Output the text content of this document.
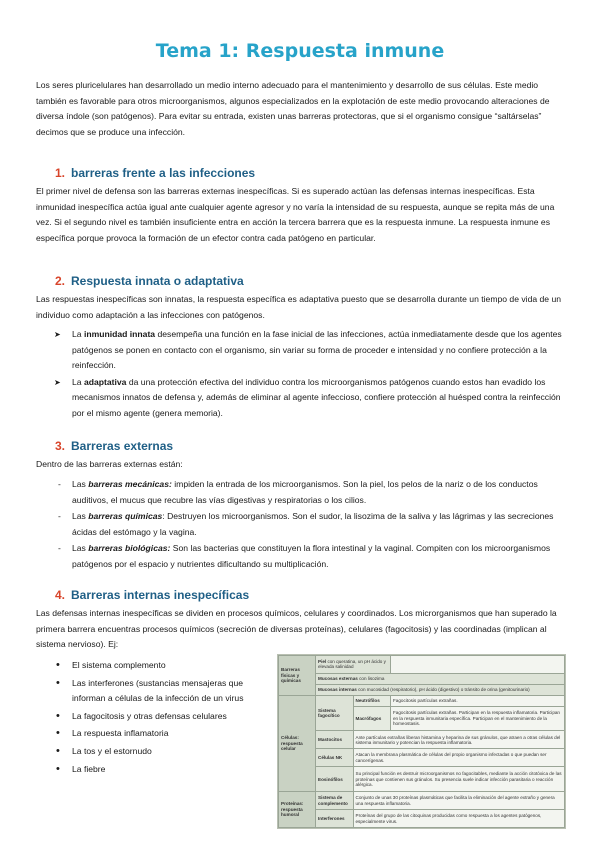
Tema 1: Respuesta inmune

Los seres pluricelulares han desarrollado un medio interno adecuado para el mantenimiento y desarrollo de sus células. Este medio también es favorable para otros microorganismos, algunos especializados en la explotación de este medio provocando alteraciones de diversa índole (son patógenos). Para evitar su entrada, existen unas barreras protectoras, que si el organismo consigue “saltárselas” decimos que se produce una infección.

1. barreras frente a las infecciones

El primer nivel de defensa son las barreras externas inespecíficas. Si es superado actúan las defensas internas inespecíficas. Esta inmunidad inespecífica actúa igual ante cualquier agente agresor y no varía la intensidad de su respuesta, aunque se repita más de una vez. Si el segundo nivel es también insuficiente entra en acción la tercera barrera que es la respuesta inmune. La respuesta inmune es específica porque provoca la formación de un efector contra cada patógeno en particular.

2. Respuesta innata o adaptativa

Las respuestas inespecíficas son innatas, la respuesta específica es adaptativa puesto que se desarrolla durante un tiempo de vida de un individuo como adaptación a las infecciones con patógenos.

➤ La inmunidad innata desempeña una función en la fase inicial de las infecciones, actúa inmediatamente desde que los agentes patógenos se ponen en contacto con el organismo, sin variar su forma de proceder e intensidad y no confiere protección a la reinfección.
➤ La adaptativa da una protección efectiva del individuo contra los microorganismos patógenos cuando estos han evadido los mecanismos innatos de defensa y, además de eliminar al agente infeccioso, confiere protección al huésped contra la reinfección por el mismo agente (genera memoria).
3. Barreras externas

Dentro de las barreras externas están:

- Las barreras mecánicas: impiden la entrada de los microorganismos. Son la piel, los pelos de la nariz o de los conductos auditivos, el mucus que recubre las vías digestivas y respiratorias o los cilios.
- Las barreras químicas: Destruyen los microorganismos. Son el sudor, la lisozima de la saliva y las lágrimas y las secreciones ácidas del estómago y la vagina.
- Las barreras biológicas: Son las bacterias que constituyen la flora intestinal y la vaginal. Compiten con los microorganismos patógenos por el espacio y nutrientes dificultando su multiplicación.
4. Barreras internas inespecíficas

Las defensas internas inespecíficas se dividen en procesos químicos, celulares y coordinados. Los microrganismos que han superado la primera barrera encuentras procesos químicos (secreción de diversas proteínas), celulares (fagocitosis) y las coordinadas (implican al sistema nervioso). Ej:

• El sistema complemento
• Las interferones (sustancias mensajeras que informan a células de la infección de un virus
• La fagocitosis y otras defensas celulares
• La respuesta inflamatoria
• La tos y el estornudo
• La fiebre
Barreras físicas y químicas	Piel con queratina, un pH ácido y elevada salinidad		
	Mucosas externas con lisozima		
	Mucosas internas con mucosidad (respiratorio), pH ácido (digestivo) o tránsito de orina (genitourinario)		
Células: respuesta celular	Sistema fagocítico	Neutrófilos	Fagocitosis partículas extrañas.
		Macrófagos	Fagocitosis partículas extrañas. Participan en la respuesta inflamatoria. Participan en la respuesta inmunitaria específica. Participan en el mantenimiento de la homeostasis.
	Mastocitos	Ante partículas extrañas liberan histamina y heparina de sus gránulos, que atraen a otras células del sistema inmunitario y potencian la respuesta inflamatoria.	
	Células NK	Atacan la membrana plasmática de células del propio organismo infectadas o que puedan ser cancerígenas.	
	Eosinófilos	Su principal función es destruir microorganismos no fagocitables, mediante la acción citotóxica de las proteínas que contienen sus gránulos. Su presencia suele indicar infección parasitaria o reacción alérgica.	
Proteínas: respuesta humoral	Sistema de complemento	Conjunto de unas 30 proteínas plasmáticas que facilita la eliminación del agente extraño y genera una respuesta inflamatoria.	
	Interferones	Proteínas del grupo de las citoquinas producidas como respuesta a los agentes patógenos, especialmente virus.	
